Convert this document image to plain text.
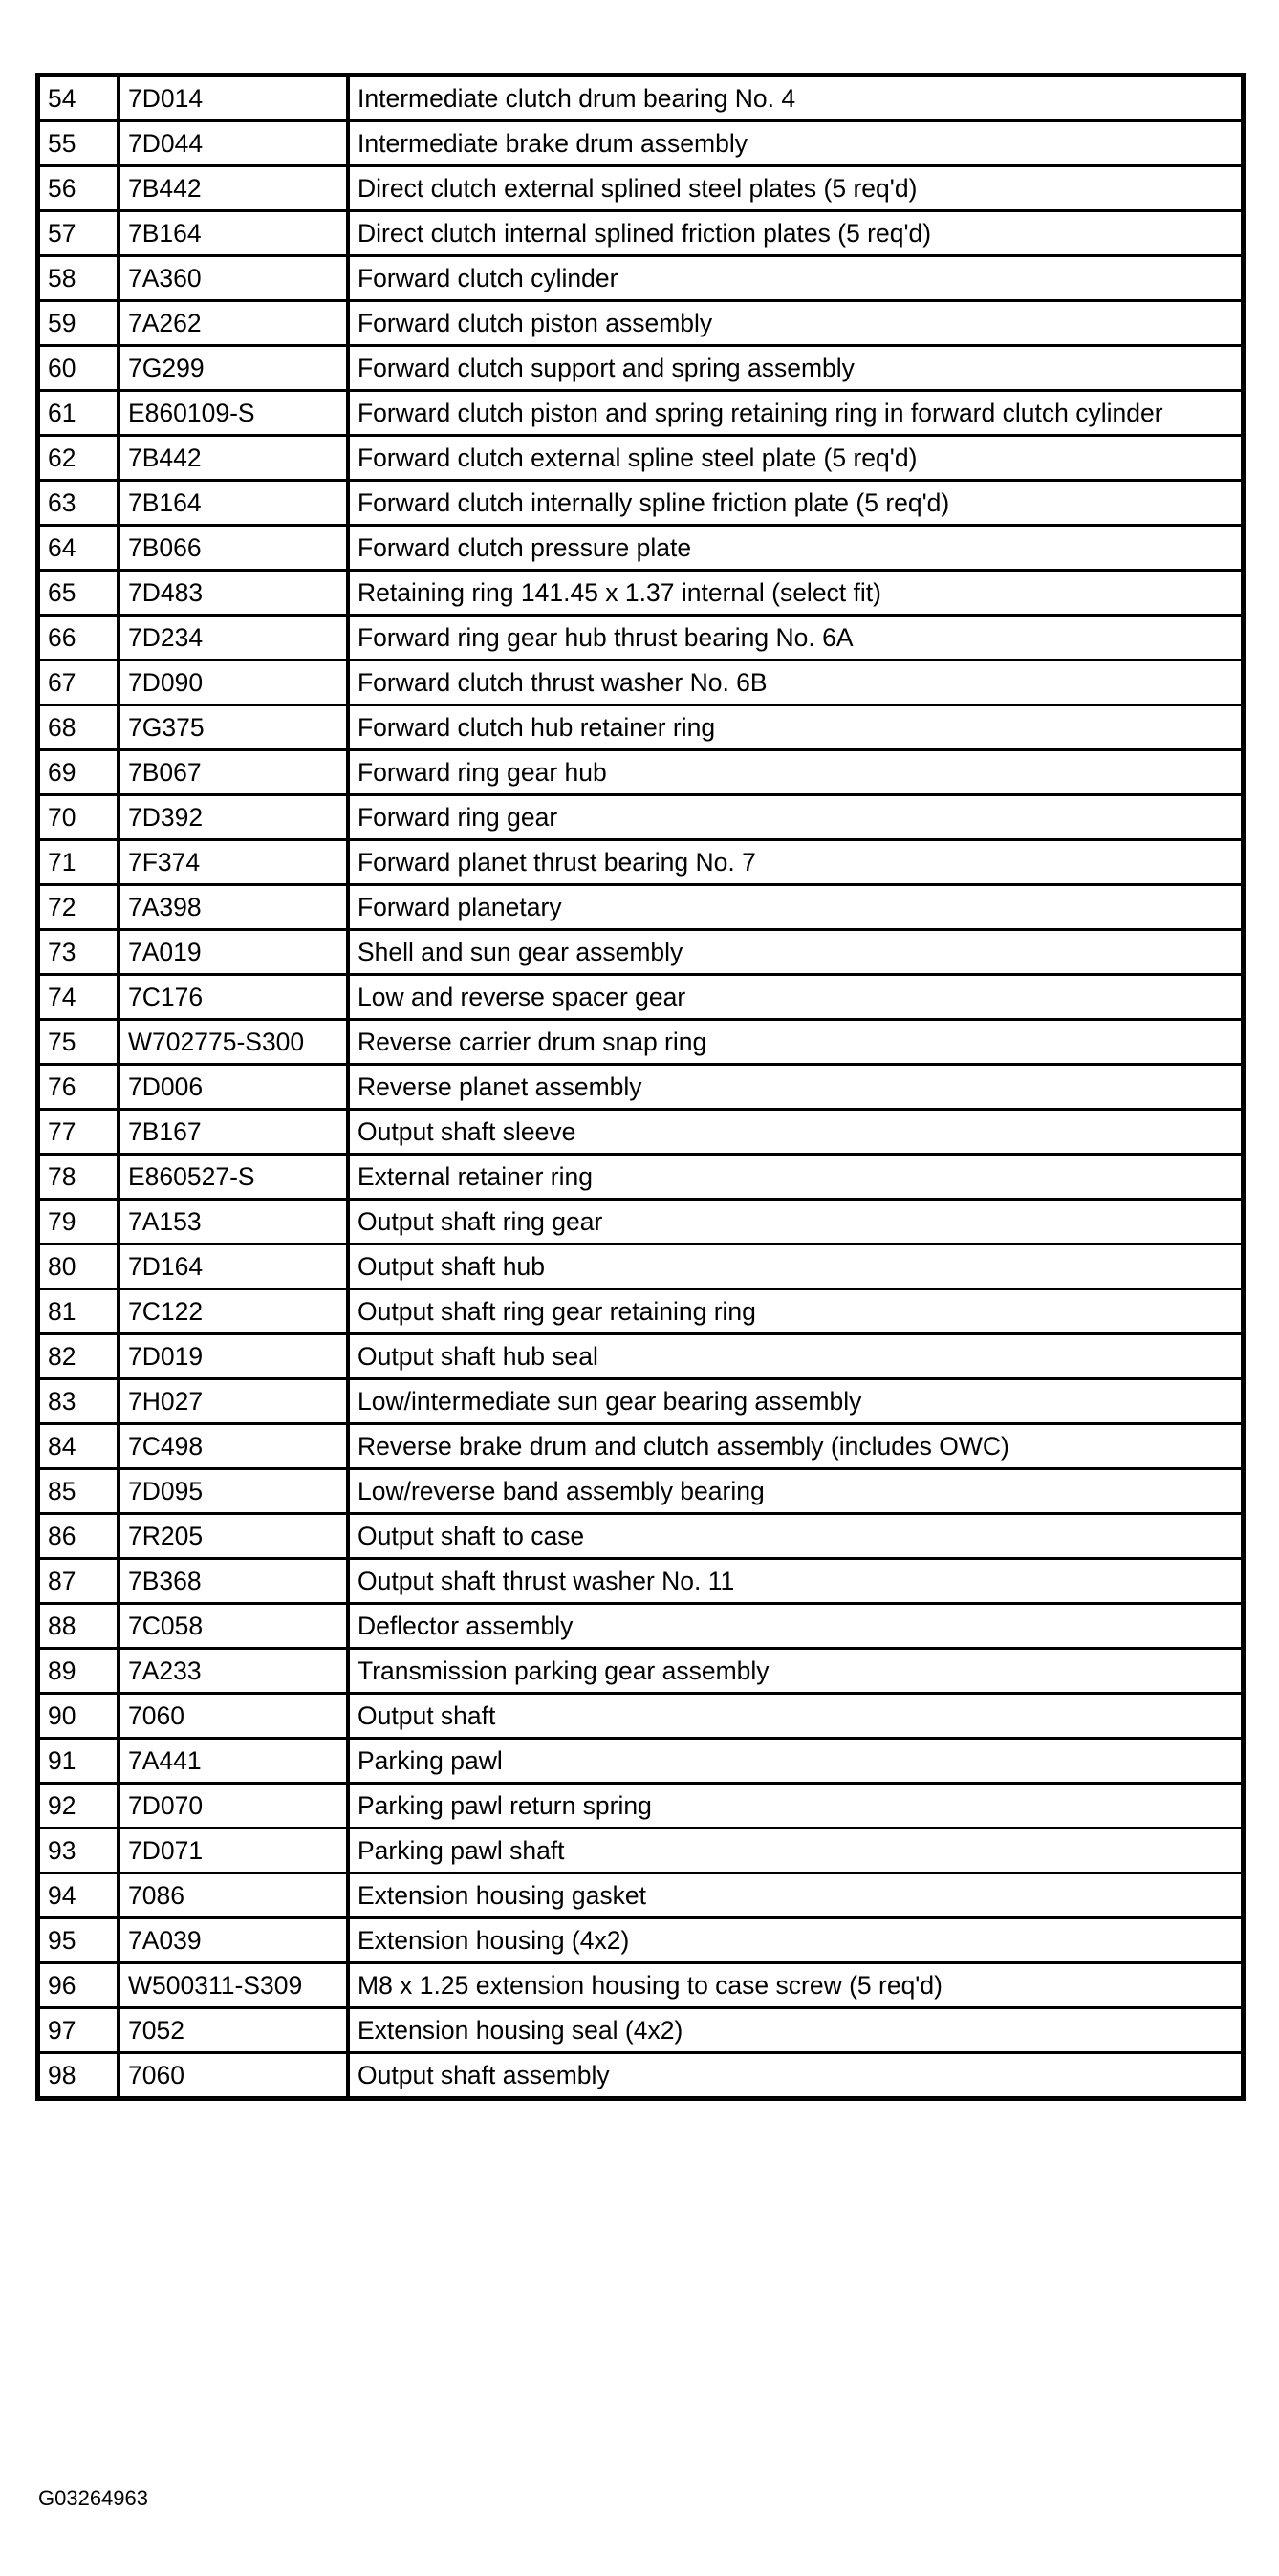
54	7D014	Intermediate clutch drum bearing No. 4
55	7D044	Intermediate brake drum assembly
56	7B442	Direct clutch external splined steel plates (5 req'd)
57	7B164	Direct clutch internal splined friction plates (5 req'd)
58	7A360	Forward clutch cylinder
59	7A262	Forward clutch piston assembly
60	7G299	Forward clutch support and spring assembly
61	E860109-S	Forward clutch piston and spring retaining ring in forward clutch cylinder
62	7B442	Forward clutch external spline steel plate (5 req'd)
63	7B164	Forward clutch internally spline friction plate (5 req'd)
64	7B066	Forward clutch pressure plate
65	7D483	Retaining ring 141.45 x 1.37 internal (select fit)
66	7D234	Forward ring gear hub thrust bearing No. 6A
67	7D090	Forward clutch thrust washer No. 6B
68	7G375	Forward clutch hub retainer ring
69	7B067	Forward ring gear hub
70	7D392	Forward ring gear
71	7F374	Forward planet thrust bearing No. 7
72	7A398	Forward planetary
73	7A019	Shell and sun gear assembly
74	7C176	Low and reverse spacer gear
75	W702775-S300	Reverse carrier drum snap ring
76	7D006	Reverse planet assembly
77	7B167	Output shaft sleeve
78	E860527-S	External retainer ring
79	7A153	Output shaft ring gear
80	7D164	Output shaft hub
81	7C122	Output shaft ring gear retaining ring
82	7D019	Output shaft hub seal
83	7H027	Low/intermediate sun gear bearing assembly
84	7C498	Reverse brake drum and clutch assembly (includes OWC)
85	7D095	Low/reverse band assembly bearing
86	7R205	Output shaft to case
87	7B368	Output shaft thrust washer No. 11
88	7C058	Deflector assembly
89	7A233	Transmission parking gear assembly
90	7060	Output shaft
91	7A441	Parking pawl
92	7D070	Parking pawl return spring
93	7D071	Parking pawl shaft
94	7086	Extension housing gasket
95	7A039	Extension housing (4x2)
96	W500311-S309	M8 x 1.25 extension housing to case screw (5 req'd)
97	7052	Extension housing seal (4x2)
98	7060	Output shaft assembly
G03264963
